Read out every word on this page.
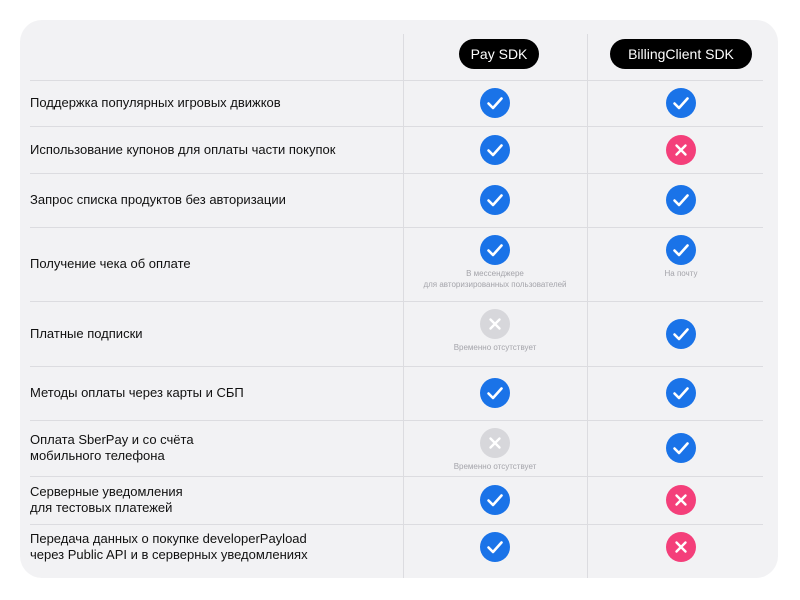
Pay SDK	BillingClient SDK
Поддержка популярных игровых движков
Использование купонов для оплаты части покупок
Запрос списка продуктов без авторизации
Получение чека об оплате
В мессенджере
для авторизированных пользователей
На почту
Платные подписки
Временно отсутствует
Методы оплаты через карты и СБП
Оплата SberPay и со счёта
мобильного телефона
Временно отсутствует
Серверные уведомления
для тестовых платежей
Передача данных о покупке developerPayload
через Public API и в серверных уведомлениях
